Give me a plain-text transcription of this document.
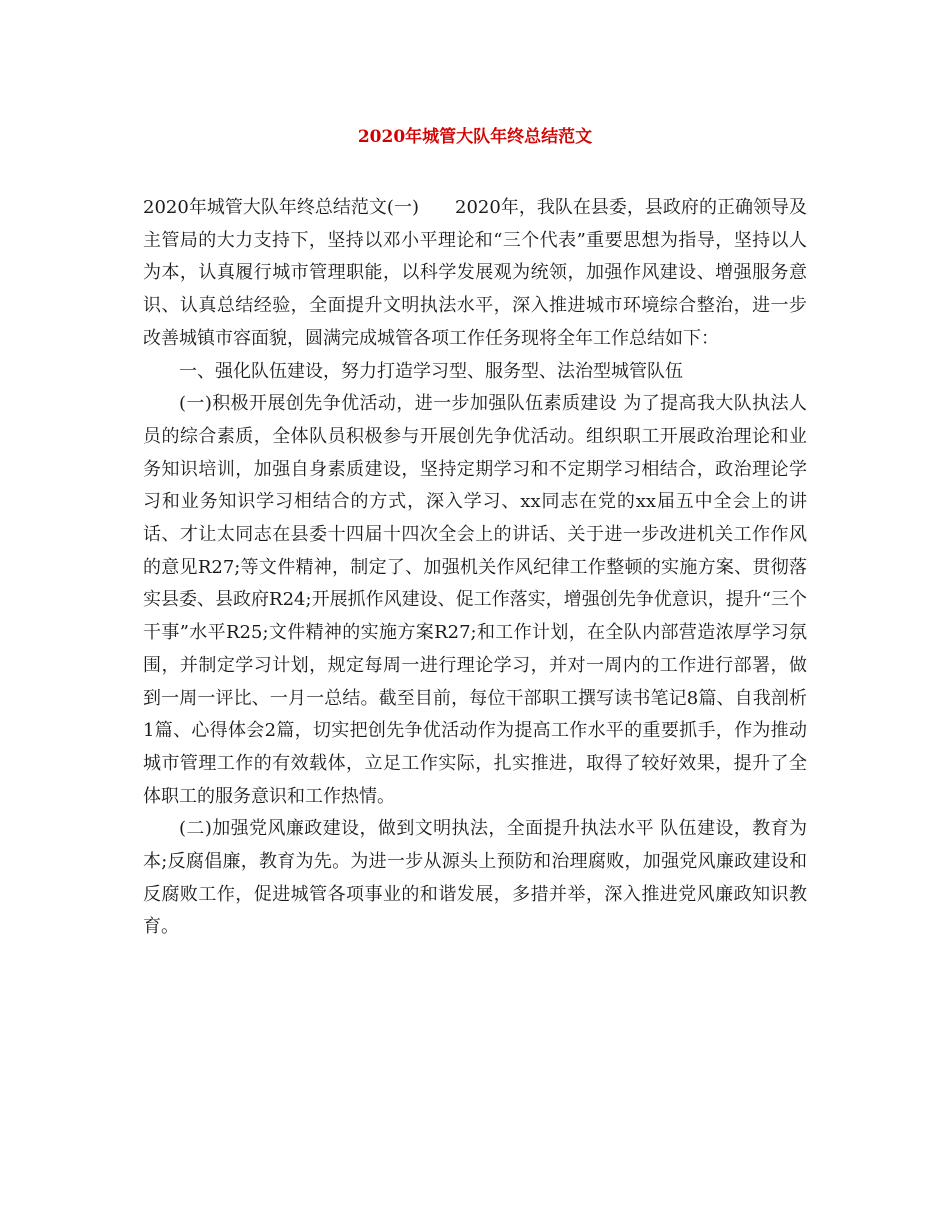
2020年城管大队年终总结范文

2020年城管大队年终总结范文(一)　　2020年，我队在县委，县政府的正确领导及主管局的大力支持下，坚持以邓小平理论和“三个代表”重要思想为指导，坚持以人为本，认真履行城市管理职能，以科学发展观为统领，加强作风建设、增强服务意识、认真总结经验，全面提升文明执法水平，深入推进城市环境综合整治，进一步改善城镇市容面貌，圆满完成城管各项工作任务现将全年工作总结如下：

一、强化队伍建设，努力打造学习型、服务型、法治型城管队伍

(一)积极开展创先争优活动，进一步加强队伍素质建设 为了提高我大队执法人员的综合素质，全体队员积极参与开展创先争优活动。组织职工开展政治理论和业务知识培训，加强自身素质建设，坚持定期学习和不定期学习相结合，政治理论学习和业务知识学习相结合的方式，深入学习、xx同志在党的xx届五中全会上的讲话、才让太同志在县委十四届十四次全会上的讲话、关于进一步改进机关工作作风的意见R27;等文件精神，制定了、加强机关作风纪律工作整顿的实施方案、贯彻落实县委、县政府R24;开展抓作风建设、促工作落实，增强创先争优意识，提升“三个干事”水平R25;文件精神的实施方案R27;和工作计划，在全队内部营造浓厚学习氛围，并制定学习计划，规定每周一进行理论学习，并对一周内的工作进行部署，做到一周一评比、一月一总结。截至目前，每位干部职工撰写读书笔记8篇、自我剖析1篇、心得体会2篇，切实把创先争优活动作为提高工作水平的重要抓手，作为推动城市管理工作的有效载体，立足工作实际，扎实推进，取得了较好效果，提升了全体职工的服务意识和工作热情。

(二)加强党风廉政建设，做到文明执法，全面提升执法水平 队伍建设，教育为本;反腐倡廉，教育为先。为进一步从源头上预防和治理腐败，加强党风廉政建设和反腐败工作，促进城管各项事业的和谐发展，多措并举，深入推进党风廉政知识教育。
